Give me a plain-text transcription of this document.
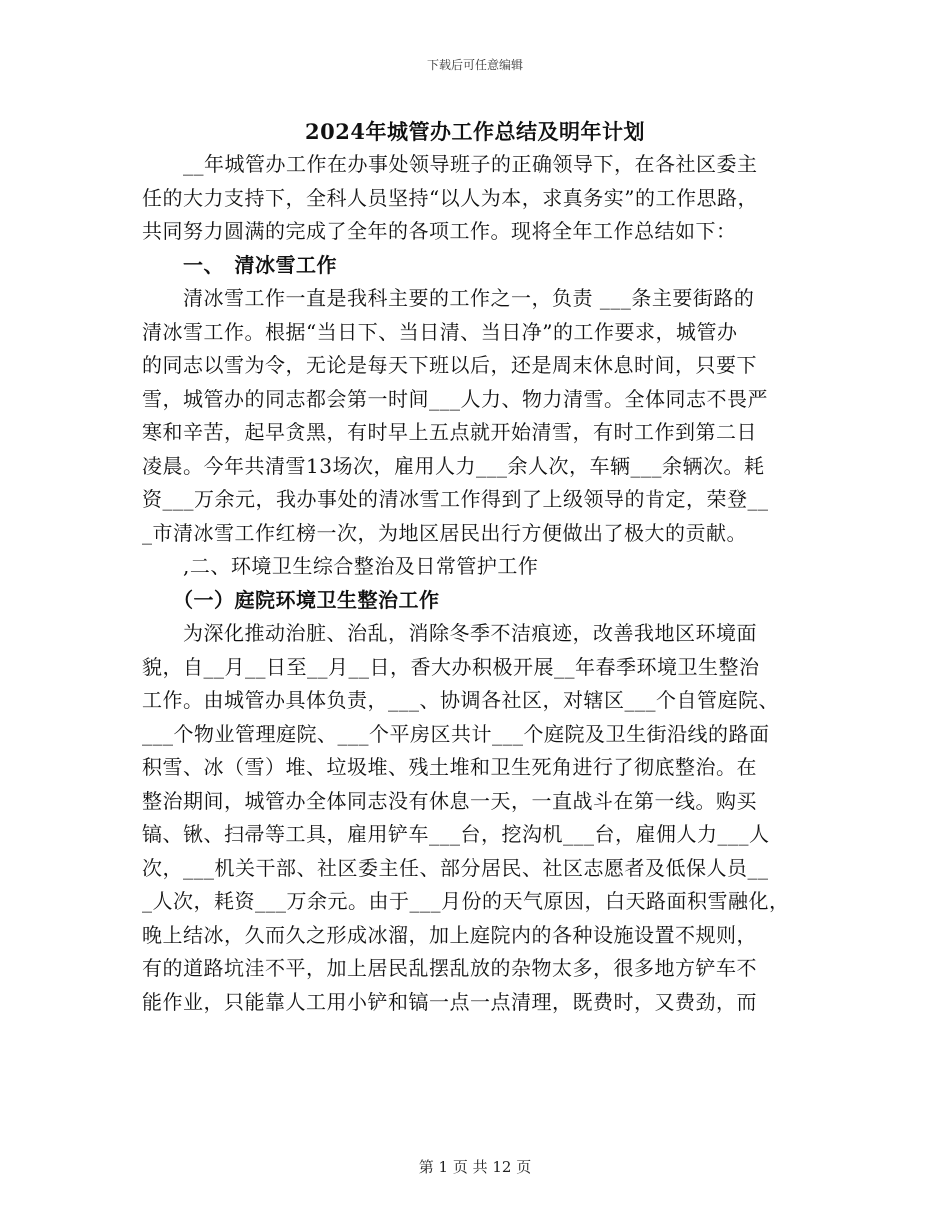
下载后可任意编辑
2024年城管办工作总结及明年计划
　　__年城管办工作在办事处领导班子的正确领导下，在各社区委主
任的大力支持下，全科人员坚持“以人为本，求真务实”的工作思路，
共同努力圆满的完成了全年的各项工作。现将全年工作总结如下：
　　一、　清冰雪工作
　　清冰雪工作一直是我科主要的工作之一，负责 ___条主要街路的
清冰雪工作。根据“当日下、当日清、当日净”的工作要求，城管办
的同志以雪为令，无论是每天下班以后，还是周末休息时间，只要下
雪，城管办的同志都会第一时间___人力、物力清雪。全体同志不畏严
寒和辛苦，起早贪黑，有时早上五点就开始清雪，有时工作到第二日
凌晨。今年共清雪13场次，雇用人力___余人次，车辆___余辆次。耗
资___万余元，我办事处的清冰雪工作得到了上级领导的肯定，荣登__
_市清冰雪工作红榜一次，为地区居民出行方便做出了极大的贡献。
　　,二、环境卫生综合整治及日常管护工作
　　（一）庭院环境卫生整治工作
　　为深化推动治脏、治乱，消除冬季不洁痕迹，改善我地区环境面
貌，自__月__日至__月__日，香大办积极开展__年春季环境卫生整治
工作。由城管办具体负责，___、协调各社区，对辖区___个自管庭院、
___个物业管理庭院、___个平房区共计___个庭院及卫生街沿线的路面
积雪、冰（雪）堆、垃圾堆、残土堆和卫生死角进行了彻底整治。在
整治期间，城管办全体同志没有休息一天，一直战斗在第一线。购买
镐、锹、扫帚等工具，雇用铲车___台，挖沟机___台，雇佣人力___人
次，___机关干部、社区委主任、部分居民、社区志愿者及低保人员__
_人次，耗资___万余元。由于___月份的天气原因，白天路面积雪融化，
晚上结冰，久而久之形成冰溜，加上庭院内的各种设施设置不规则，
有的道路坑洼不平，加上居民乱摆乱放的杂物太多，很多地方铲车不
能作业，只能靠人工用小铲和镐一点一点清理，既费时，又费劲，而
第 1 页 共 12 页
